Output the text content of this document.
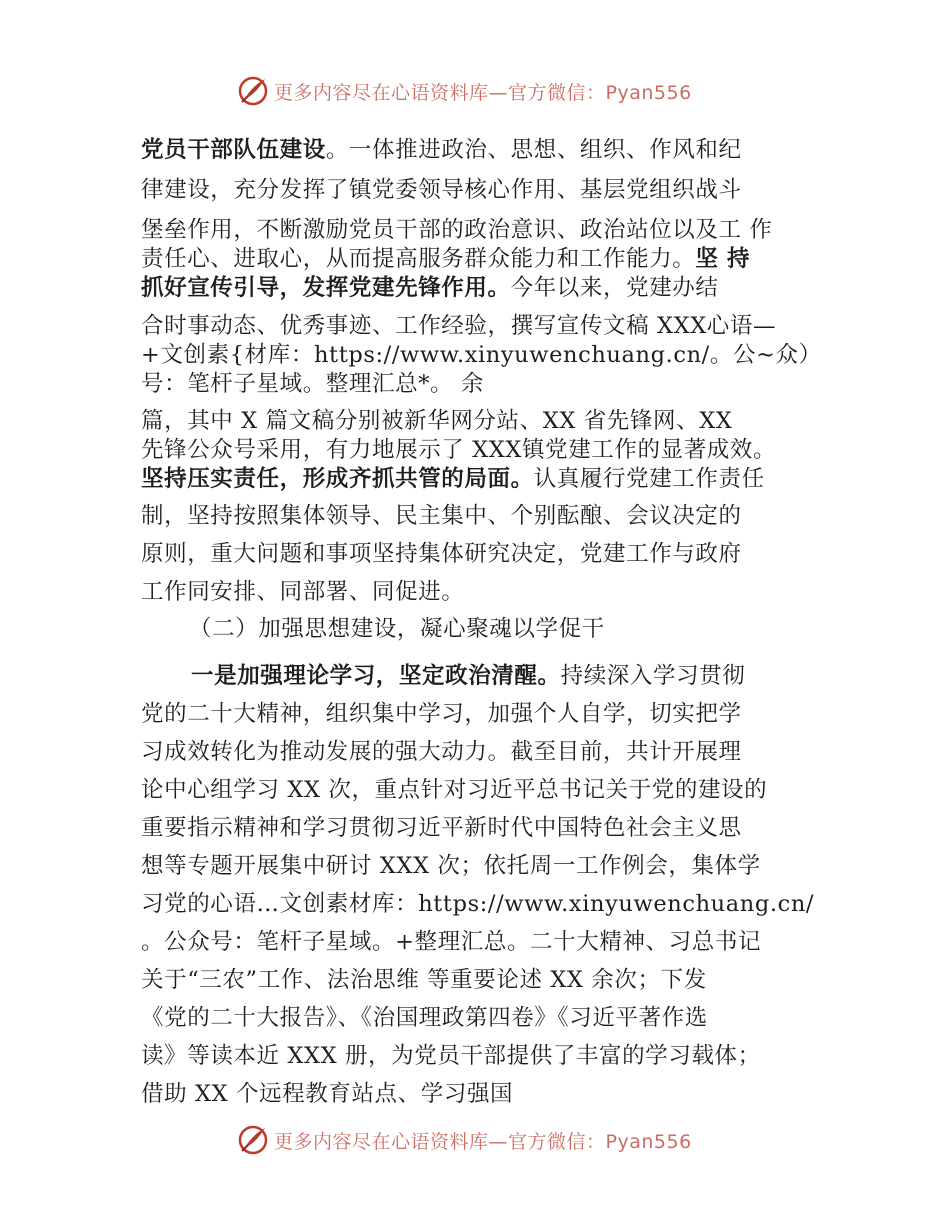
更多内容尽在心语资料库—官方微信：Pyan556
党员干部队伍建设。一体推进政治、思想、组织、作风和纪
律建设，充分发挥了镇党委领导核心作用、基层党组织战斗
堡垒作用，不断激励党员干部的政治意识、政治站位以及工 作
责任心、进取心，从而提高服务群众能力和工作能力。坚 持
抓好宣传引导，发挥党建先锋作用。今年以来，党建办结
合时事动态、优秀事迹、工作经验，撰写宣传文稿 XXX心语—
+文创素{材库：https://www.xinyuwenchuang.cn/。公~众）
号：笔杆子星域。整理汇总*。 余
篇，其中 X 篇文稿分别被新华网分站、XX 省先锋网、XX
先锋公众号采用，有力地展示了 XXX镇党建工作的显著成效。
坚持压实责任，形成齐抓共管的局面。认真履行党建工作责任
制，坚持按照集体领导、民主集中、个别酝酿、会议决定的
原则，重大问题和事项坚持集体研究决定，党建工作与政府
工作同安排、同部署、同促进。
（二）加强思想建设，凝心聚魂以学促干
一是加强理论学习，坚定政治清醒。持续深入学习贯彻
党的二十大精神，组织集中学习，加强个人自学，切实把学
习成效转化为推动发展的强大动力。截至目前，共计开展理
论中心组学习 XX 次，重点针对习近平总书记关于党的建设的
重要指示精神和学习贯彻习近平新时代中国特色社会主义思
想等专题开展集中研讨 XXX 次；依托周一工作例会，集体学
习党的心语…文创素材库：https://www.xinyuwenchuang.cn/
。公众号：笔杆子星域。+整理汇总。二十大精神、习总书记
关于“三农”工作、法治思维 等重要论述 XX 余次；下发
《党的二十大报告》、《治国理政第四卷》《习近平著作选
读》等读本近 XXX 册，为党员干部提供了丰富的学习载体；
借助 XX 个远程教育站点、学习强国
更多内容尽在心语资料库—官方微信：Pyan556
